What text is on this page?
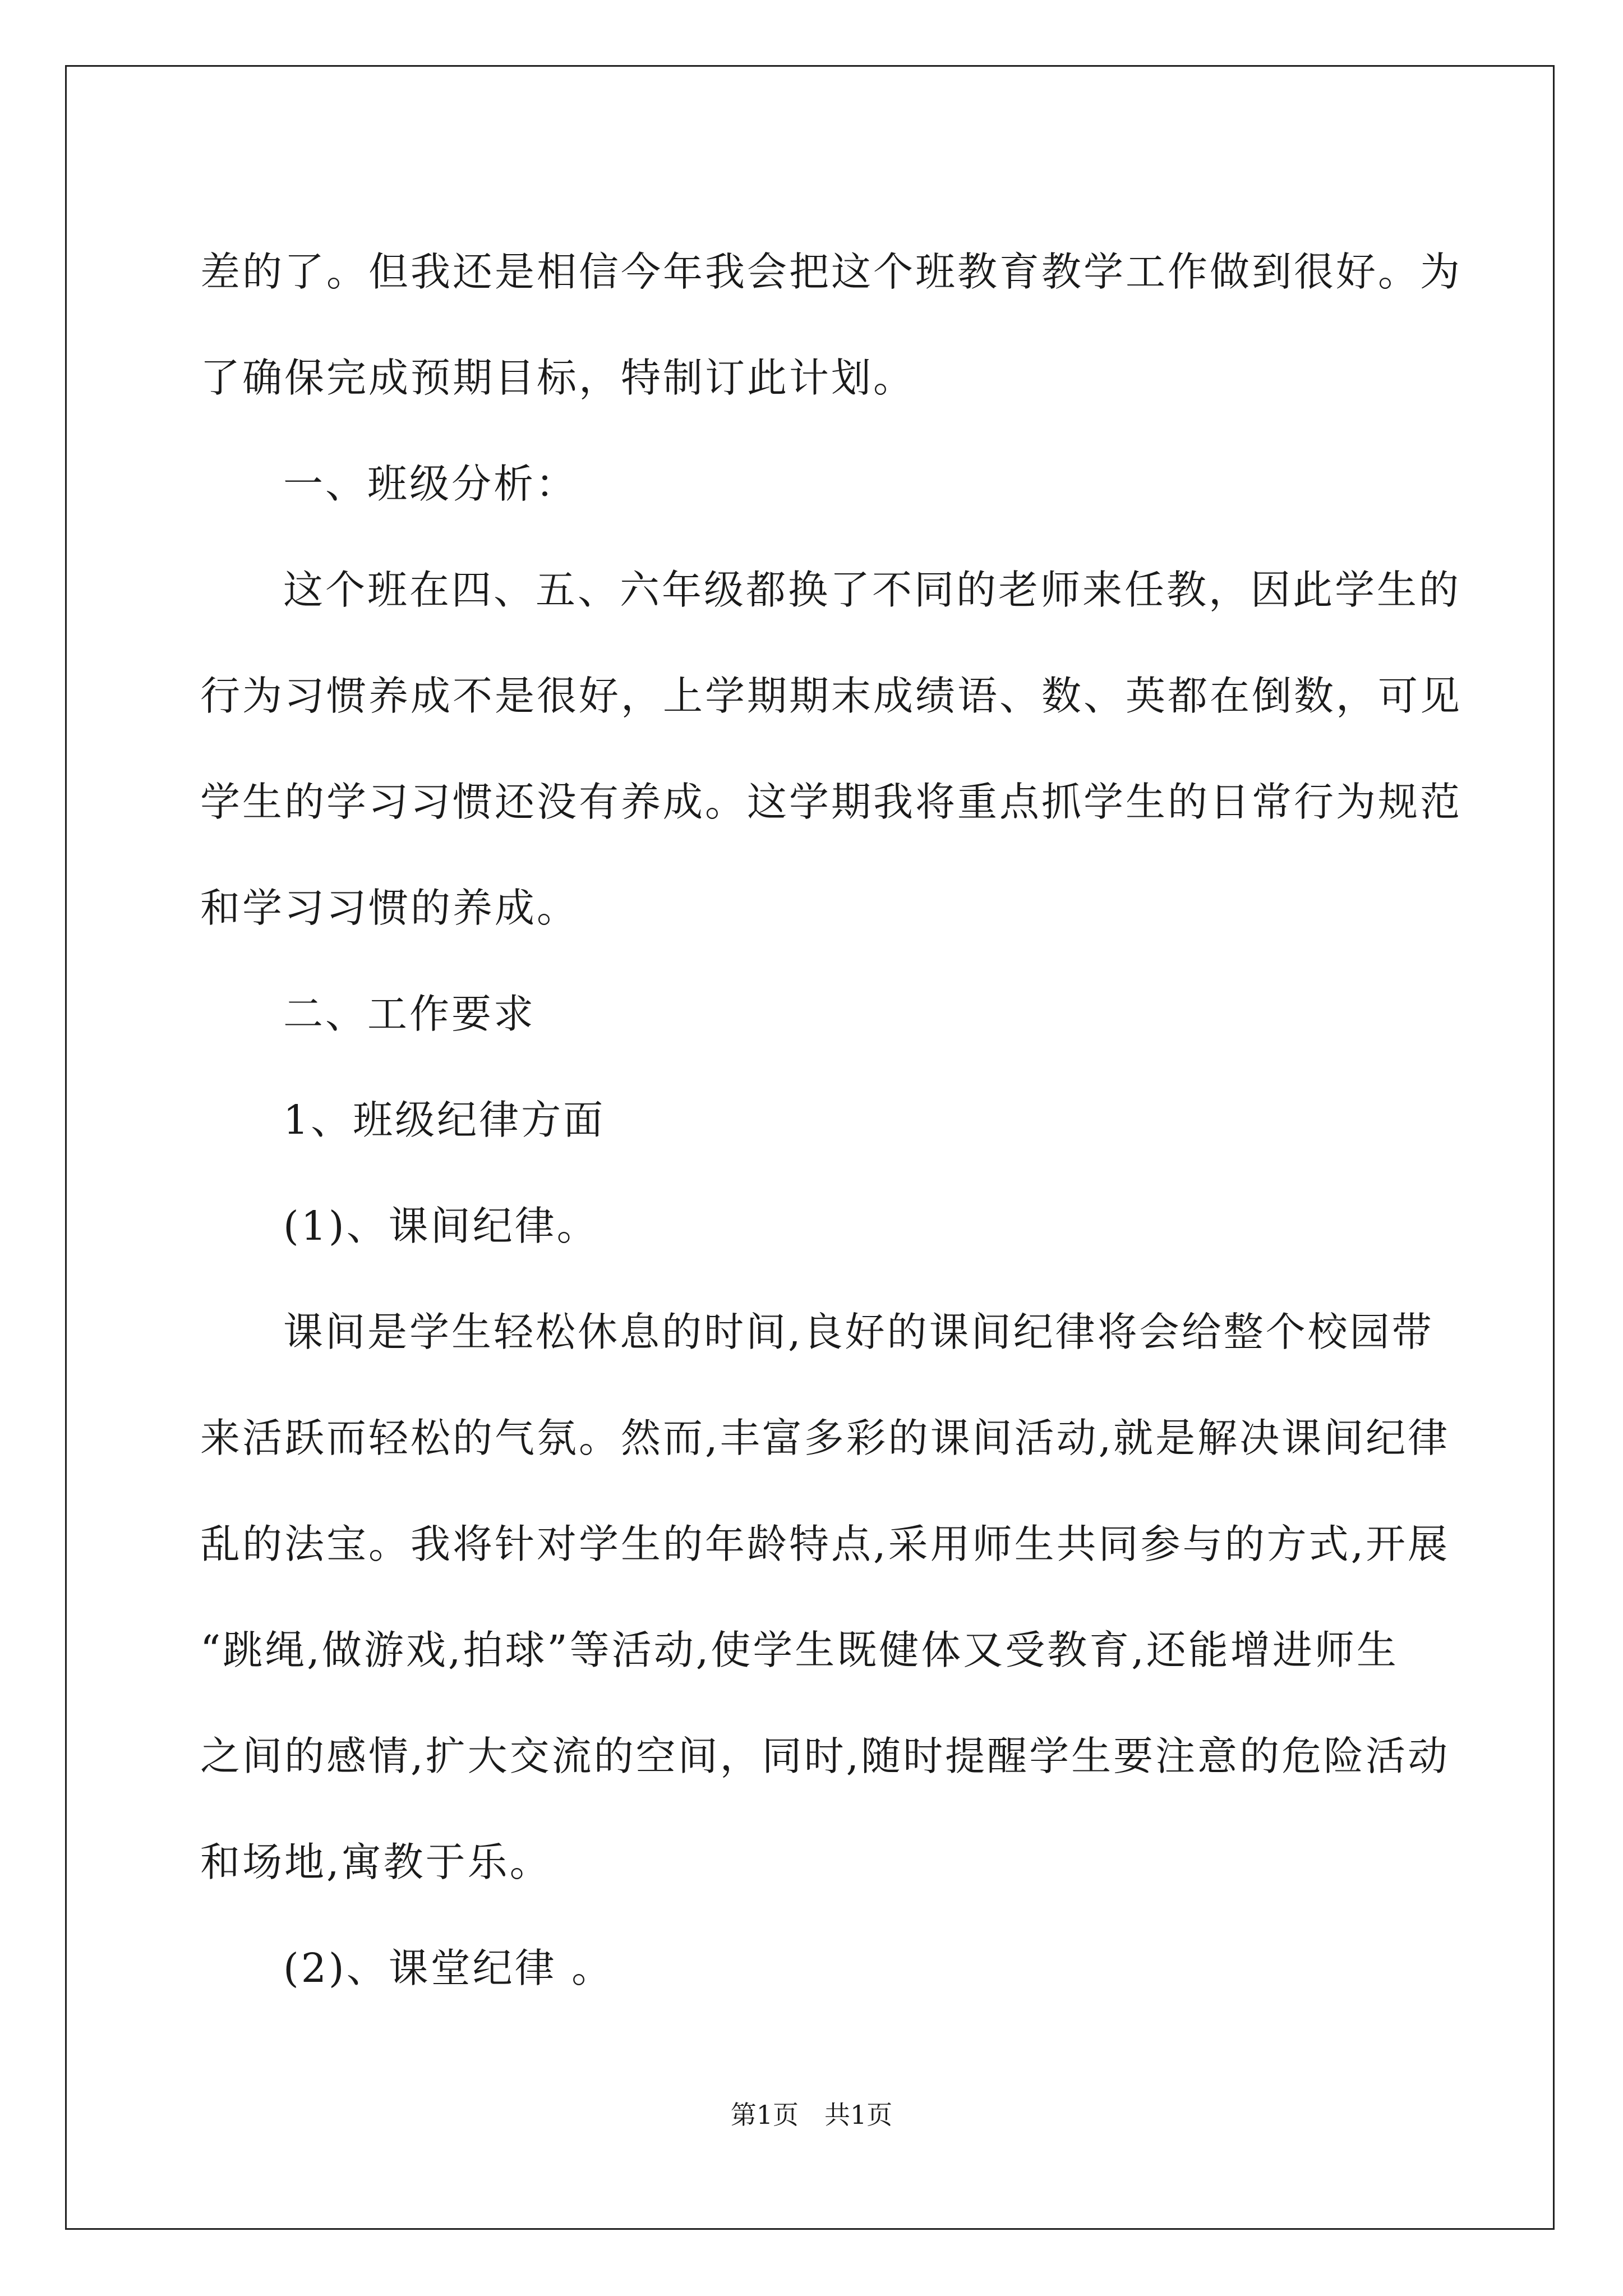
差的了。但我还是相信今年我会把这个班教育教学工作做到很好。为
了确保完成预期目标，特制订此计划。
一、班级分析：
这个班在四、五、六年级都换了不同的老师来任教，因此学生的
行为习惯养成不是很好，上学期期末成绩语、数、英都在倒数，可见
学生的学习习惯还没有养成。这学期我将重点抓学生的日常行为规范
和学习习惯的养成。
二、工作要求
1、班级纪律方面
(1)、课间纪律。
课间是学生轻松休息的时间,良好的课间纪律将会给整个校园带
来活跃而轻松的气氛。然而,丰富多彩的课间活动,就是解决课间纪律
乱的法宝。我将针对学生的年龄特点,采用师生共同参与的方式,开展
“跳绳,做游戏,拍球”等活动,使学生既健体又受教育,还能增进师生
之间的感情,扩大交流的空间，同时,随时提醒学生要注意的危险活动
和场地,寓教于乐。
(2)、课堂纪律 。
第1页　共1页
